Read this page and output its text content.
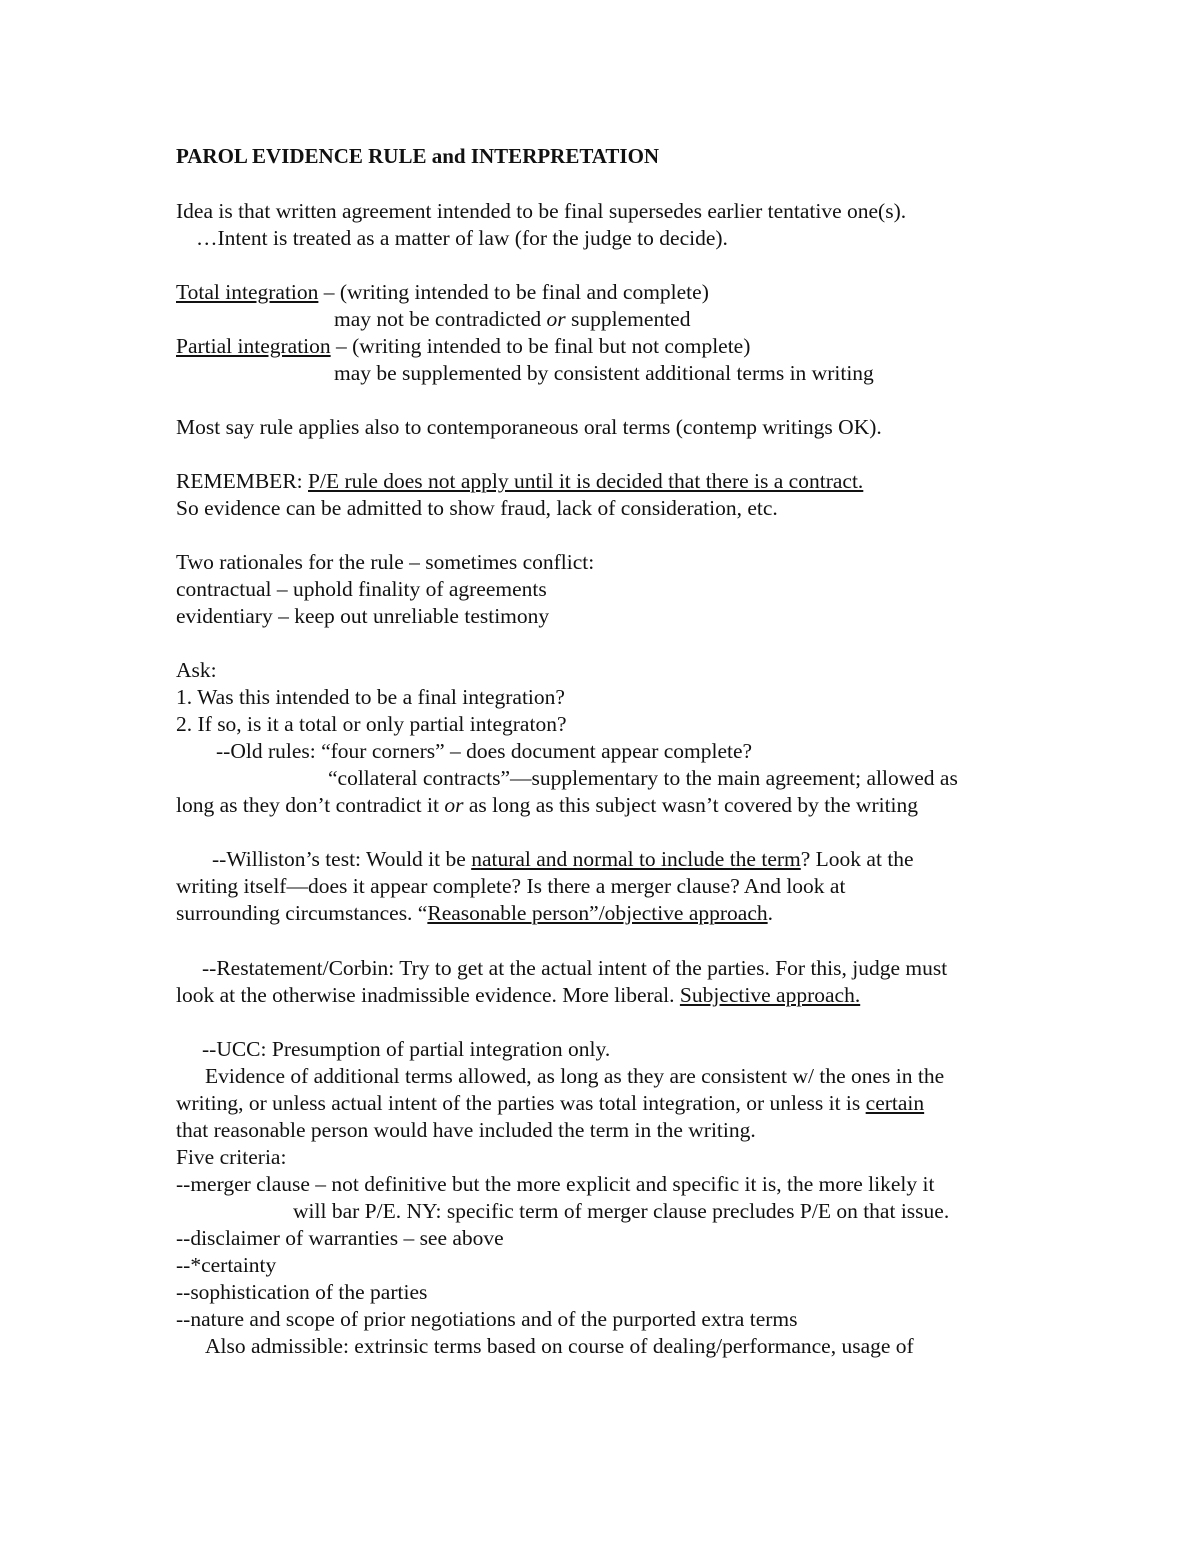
PAROL EVIDENCE RULE and INTERPRETATION
Idea is that written agreement intended to be final supersedes earlier tentative one(s).
…Intent is treated as a matter of law (for the judge to decide).
Total integration – (writing intended to be final and complete)
may not be contradicted or supplemented
Partial integration – (writing intended to be final but not complete)
may be supplemented by consistent additional terms in writing
Most say rule applies also to contemporaneous oral terms (contemp writings OK).
REMEMBER: P/E rule does not apply until it is decided that there is a contract.
So evidence can be admitted to show fraud, lack of consideration, etc.
Two rationales for the rule – sometimes conflict:
contractual – uphold finality of agreements
evidentiary – keep out unreliable testimony
Ask:
1. Was this intended to be a final integration?
2. If so, is it a total or only partial integraton?
--Old rules: “four corners” – does document appear complete?
“collateral contracts”—supplementary to the main agreement; allowed as
long as they don’t contradict it or as long as this subject wasn’t covered by the writing
--Williston’s test: Would it be natural and normal to include the term? Look at the
writing itself—does it appear complete? Is there a merger clause? And look at
surrounding circumstances. “Reasonable person”/objective approach.
--Restatement/Corbin: Try to get at the actual intent of the parties. For this, judge must
look at the otherwise inadmissible evidence. More liberal. Subjective approach.
--UCC: Presumption of partial integration only.
Evidence of additional terms allowed, as long as they are consistent w/ the ones in the
writing, or unless actual intent of the parties was total integration, or unless it is certain
that reasonable person would have included the term in the writing.
Five criteria:
--merger clause – not definitive but the more explicit and specific it is, the more likely it
will bar P/E. NY: specific term of merger clause precludes P/E on that issue.
--disclaimer of warranties – see above
--*certainty
--sophistication of the parties
--nature and scope of prior negotiations and of the purported extra terms
Also admissible: extrinsic terms based on course of dealing/performance, usage of
